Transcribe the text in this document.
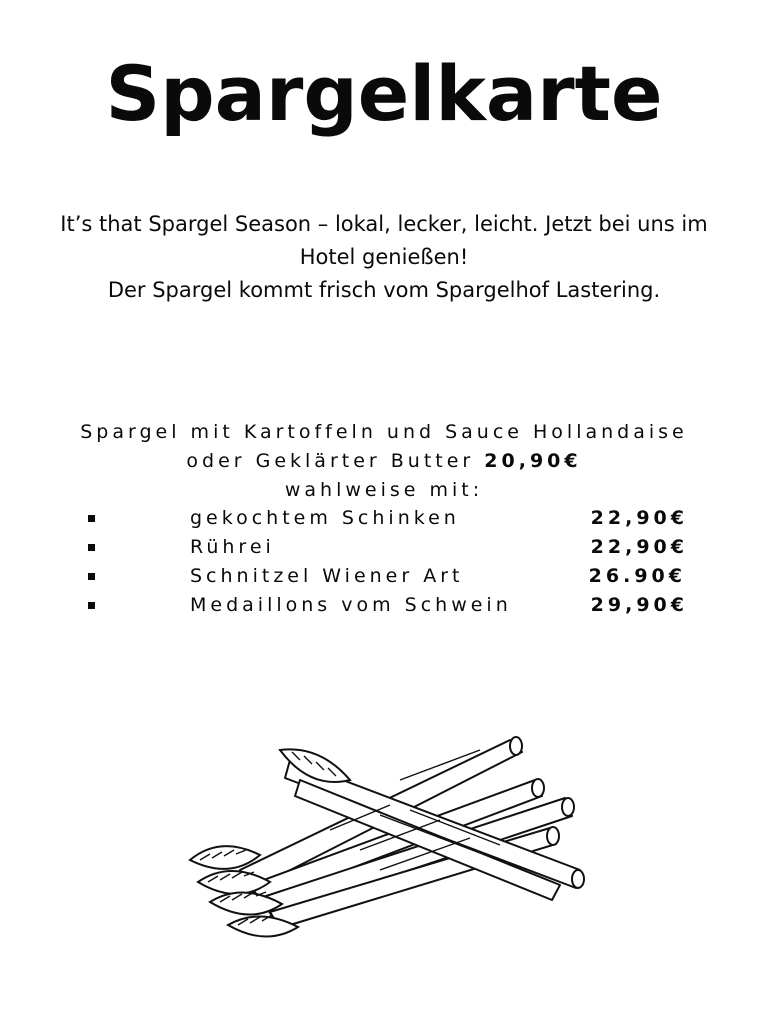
Spargelkarte
It’s that Spargel Season – lokal, lecker, leicht. Jetzt bei uns im
Hotel genießen!
Der Spargel kommt frisch vom Spargelhof Lastering.
Spargel mit Kartoffeln und Sauce Hollandaise
oder Geklärter Butter 20,90€
wahlweise mit:
gekochtem Schinken	22,90€
Rührei	22,90€
Schnitzel Wiener Art	26.90€
Medaillons vom Schwein	29,90€
